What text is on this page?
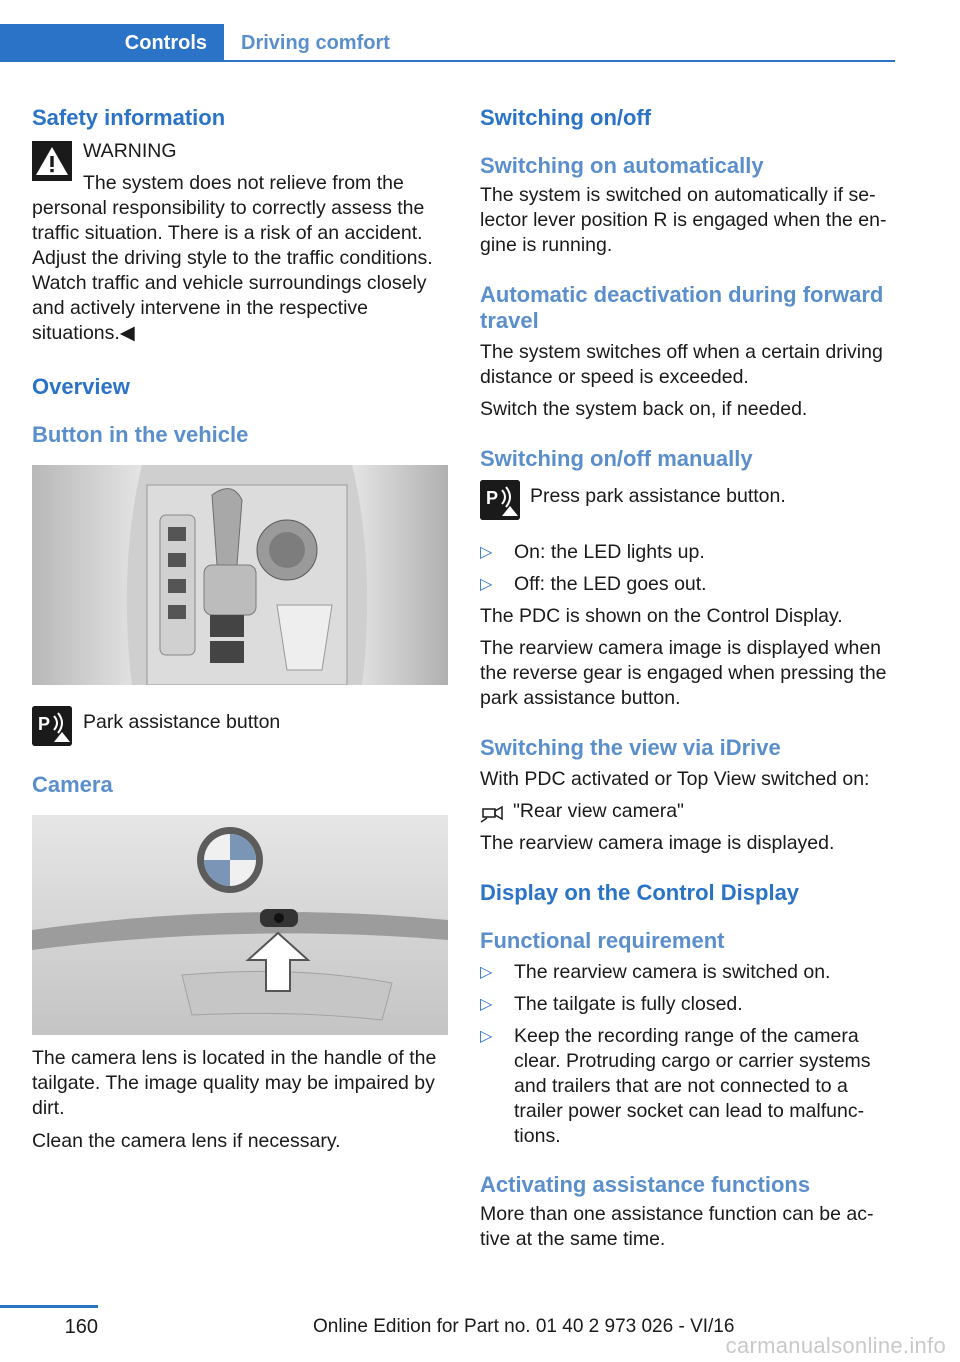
Controls	Driving comfort
Safety information

WARNING

The system does not relieve from the

personal responsibility to correctly assess the traffic situation. There is a risk of an accident. Adjust the driving style to the traffic conditions. Watch traffic and vehicle surroundings closely and actively intervene in the respective situations.◀

Overview
Button in the vehicle
P	Park assistance button

Camera

The camera lens is located in the handle of the tailgate. The image quality may be impaired by dirt.

Clean the camera lens if necessary.

Switching on/off
Switching on automatically

The system is switched on automatically if selector lever position R is engaged when the engine is running.

Automatic deactivation during forward travel

The system switches off when a certain driving distance or speed is exceeded.

Switch the system back on, if needed.

Switching on/off manually
P	Press park assistance button.

▷ On: the LED lights up.
▷ Off: the LED goes out.

The PDC is shown on the Control Display.

The rearview camera image is displayed when the reverse gear is engaged when pressing the park assistance button.

Switching the view via iDrive

With PDC activated or Top View switched on:

"Rear view camera"

The rearview camera image is displayed.

Display on the Control Display
Functional requirement
▷ The rearview camera is switched on.
▷ The tailgate is fully closed.
▷ Keep the recording range of the camera clear. Protruding cargo or carrier systems and trailers that are not connected to a trailer power socket can lead to malfunctions.
Activating assistance functions

More than one assistance function can be active at the same time.

160	Online Edition for Part no. 01 40 2 973 026 - VI/16
carmanualsonline.info
